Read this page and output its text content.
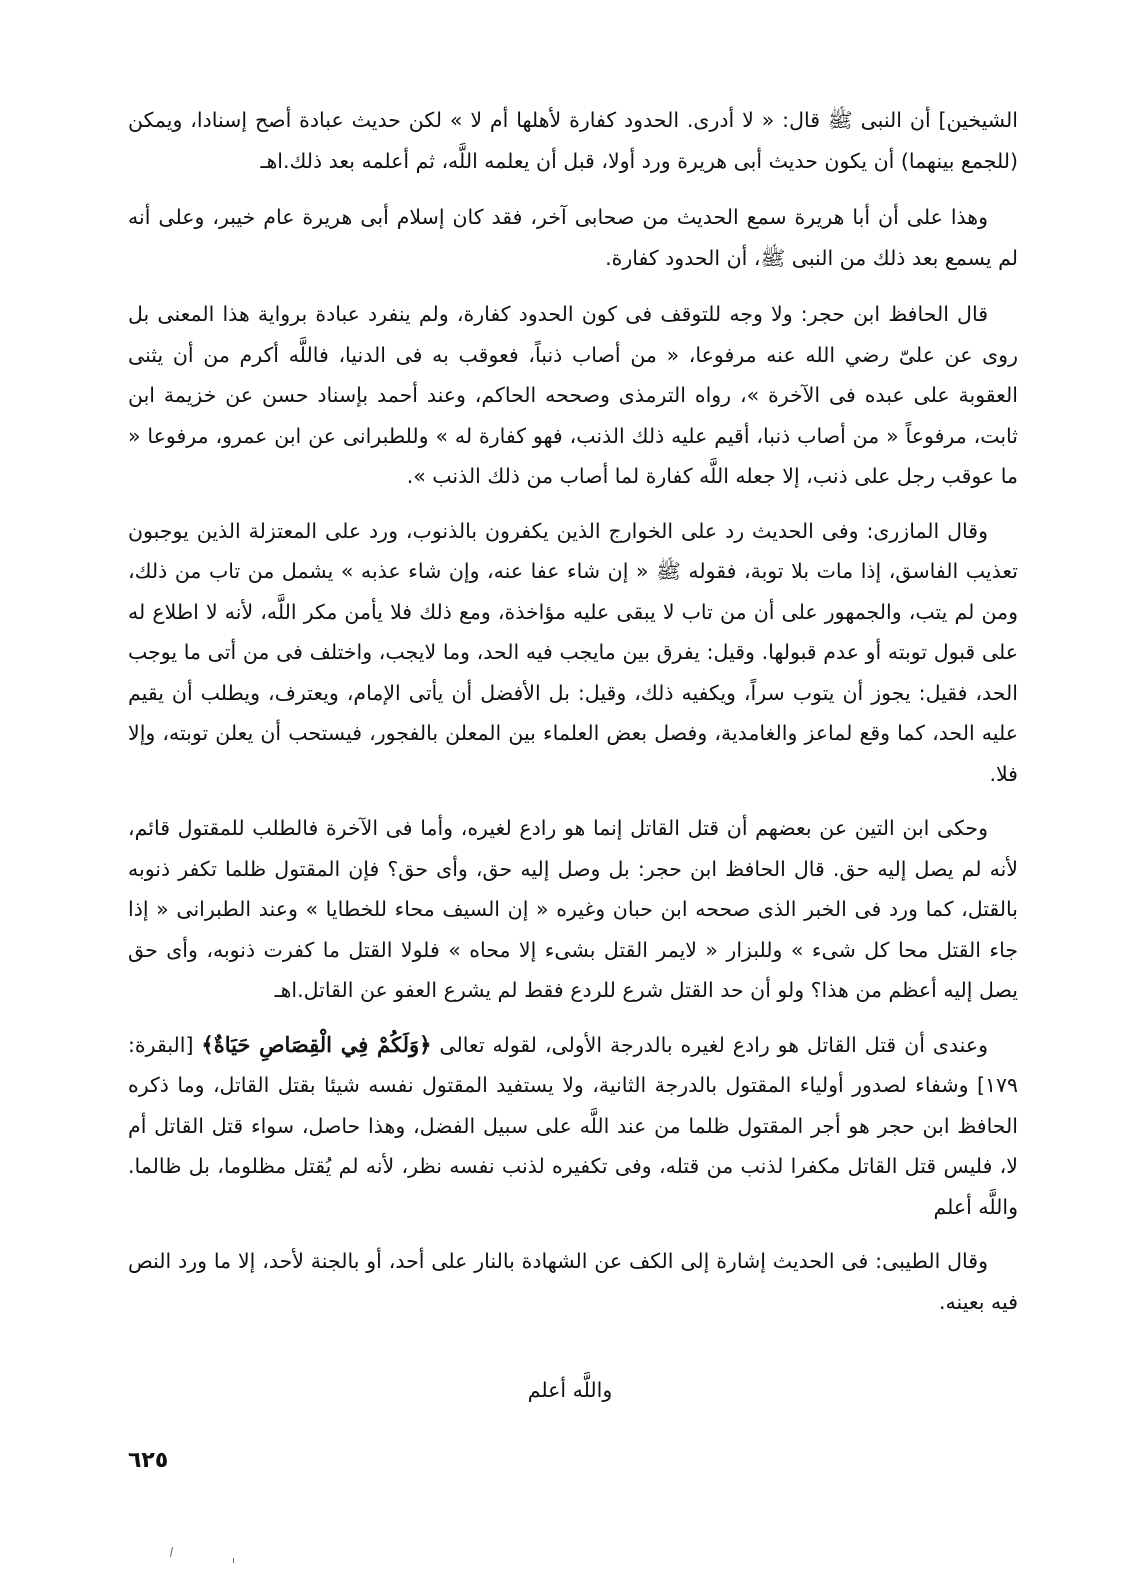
الشيخين] أن النبى ﷺ قال: « لا أدرى. الحدود كفارة لأهلها أم لا » لكن حديث عبادة أصح إسنادا، ويمكن (للجمع بينهما) أن يكون حديث أبى هريرة ورد أولا، قبل أن يعلمه اللَّه، ثم أعلمه بعد ذلك.اهـ

وهذا على أن أبا هريرة سمع الحديث من صحابى آخر، فقد كان إسلام أبى هريرة عام خيبر، وعلى أنه لم يسمع بعد ذلك من النبى ﷺ، أن الحدود كفارة.

قال الحافظ ابن حجر: ولا وجه للتوقف فى كون الحدود كفارة، ولم ينفرد عبادة برواية هذا المعنى بل روى عن علىّ رضي الله عنه مرفوعا، « من أصاب ذنباً، فعوقب به فى الدنيا، فاللَّه أكرم من أن يثنى العقوبة على عبده فى الآخرة »، رواه الترمذى وصححه الحاكم، وعند أحمد بإسناد حسن عن خزيمة ابن ثابت، مرفوعاً « من أصاب ذنبا، أقيم عليه ذلك الذنب، فهو كفارة له » وللطبرانى عن ابن عمرو، مرفوعا « ما عوقب رجل على ذنب، إلا جعله اللَّه كفارة لما أصاب من ذلك الذنب ».

وقال المازرى: وفى الحديث رد على الخوارج الذين يكفرون بالذنوب، ورد على المعتزلة الذين يوجبون تعذيب الفاسق، إذا مات بلا توبة، فقوله ﷺ « إن شاء عفا عنه، وإن شاء عذبه » يشمل من تاب من ذلك، ومن لم يتب، والجمهور على أن من تاب لا يبقى عليه مؤاخذة، ومع ذلك فلا يأمن مكر اللَّه، لأنه لا اطلاع له على قبول توبته أو عدم قبولها. وقيل: يفرق بين مايجب فيه الحد، وما لايجب، واختلف فى من أتى ما يوجب الحد، فقيل: يجوز أن يتوب سراً، ويكفيه ذلك، وقيل: بل الأفضل أن يأتى الإمام، ويعترف، ويطلب أن يقيم عليه الحد، كما وقع لماعز والغامدية، وفصل بعض العلماء بين المعلن بالفجور، فيستحب أن يعلن توبته، وإلا فلا.

وحكى ابن التين عن بعضهم أن قتل القاتل إنما هو رادع لغيره، وأما فى الآخرة فالطلب للمقتول قائم، لأنه لم يصل إليه حق. قال الحافظ ابن حجر: بل وصل إليه حق، وأى حق؟ فإن المقتول ظلما تكفر ذنوبه بالقتل، كما ورد فى الخبر الذى صححه ابن حبان وغيره « إن السيف محاء للخطايا » وعند الطبرانى « إذا جاء القتل محا كل شىء » وللبزار « لايمر القتل بشىء إلا محاه » فلولا القتل ما كفرت ذنوبه، وأى حق يصل إليه أعظم من هذا؟ ولو أن حد القتل شرع للردع فقط لم يشرع العفو عن القاتل.اهـ

وعندى أن قتل القاتل هو رادع لغيره بالدرجة الأولى، لقوله تعالى ﴿وَلَكُمْ فِي الْقِصَاصِ حَيَاةٌ﴾ [البقرة: ١٧٩] وشفاء لصدور أولياء المقتول بالدرجة الثانية، ولا يستفيد المقتول نفسه شيئا بقتل القاتل، وما ذكره الحافظ ابن حجر هو أجر المقتول ظلما من عند اللَّه على سبيل الفضل، وهذا حاصل، سواء قتل القاتل أم لا، فليس قتل القاتل مكفرا لذنب من قتله، وفى تكفيره لذنب نفسه نظر، لأنه لم يُقتل مظلوما، بل ظالما. واللَّه أعلم

وقال الطيبى: فى الحديث إشارة إلى الكف عن الشهادة بالنار على أحد، أو بالجنة لأحد، إلا ما ورد النص فيه بعينه.

واللَّه أعلم
٦٢٥
